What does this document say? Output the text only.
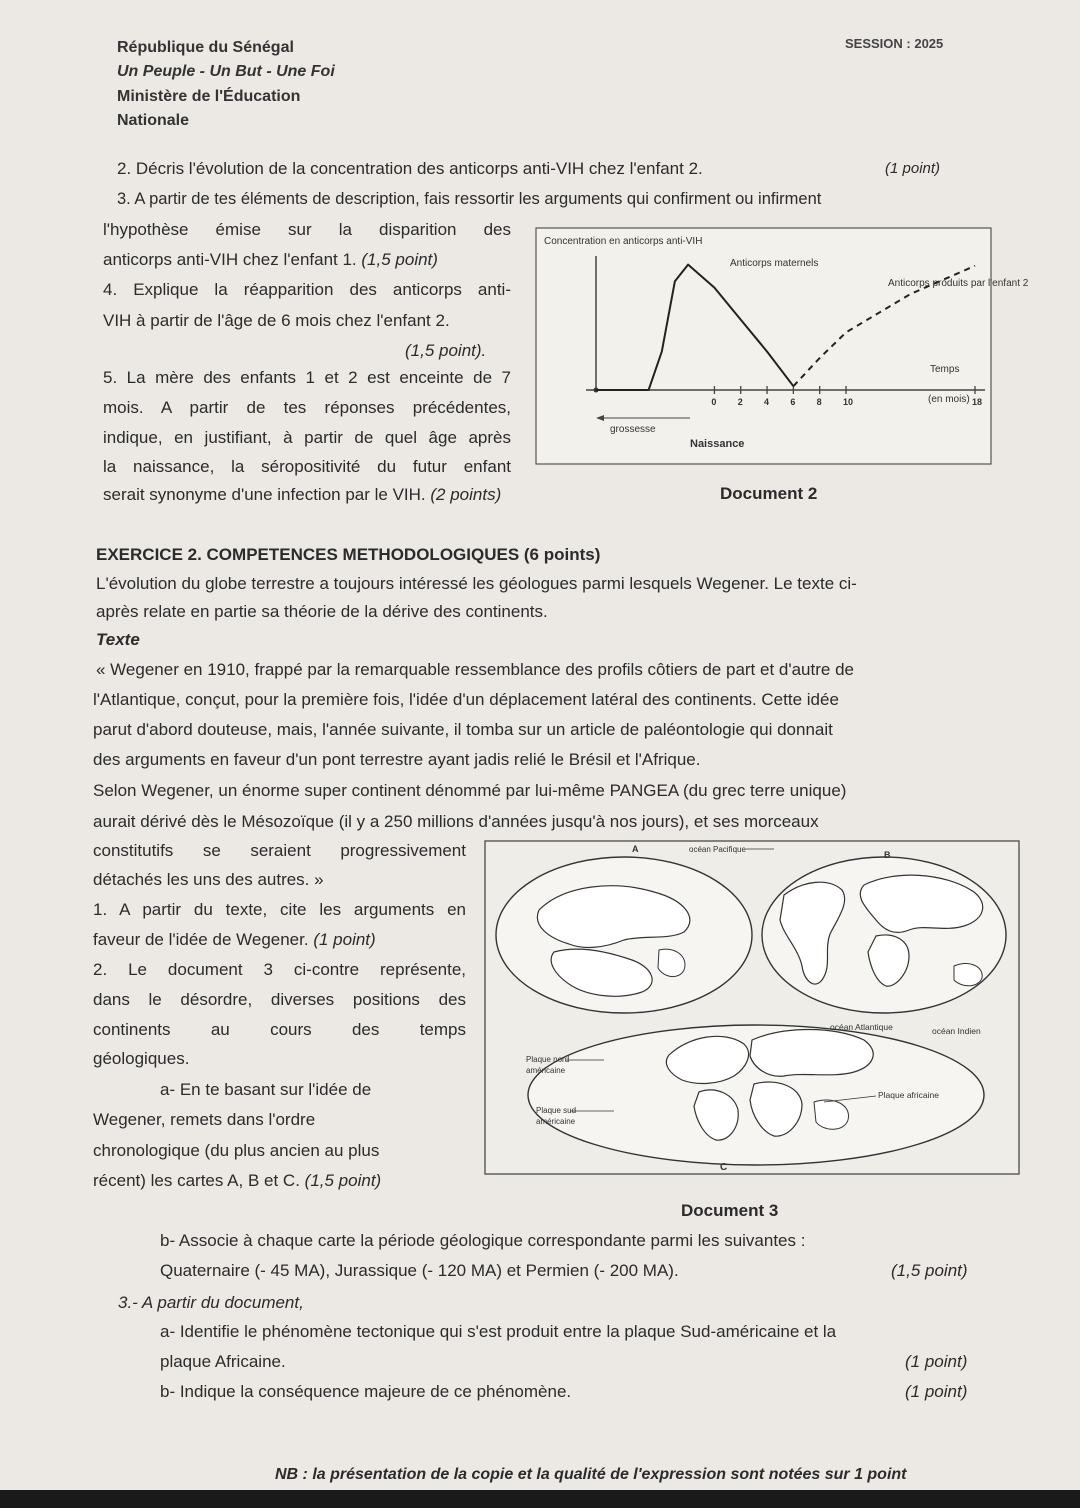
République du Sénégal
Un Peuple - Un But - Une Foi
Ministère de l'Éducation
Nationale
SESSION : 2025
2. Décris l'évolution de la concentration des anticorps anti-VIH chez l'enfant 2.	(1 point)
3. A partir de tes éléments de description, fais ressortir les arguments qui confirment ou infirment
l'hypothèse émise sur la disparition des
anticorps anti-VIH chez l'enfant 1. (1,5 point)
4. Explique la réapparition des anticorps anti-
VIH à partir de l'âge de 6 mois chez l'enfant 2.
(1,5 point).
5. La mère des enfants 1 et 2 est enceinte de 7
mois. A partir de tes réponses précédentes,
indique, en justifiant, à partir de quel âge après
la naissance, la séropositivité du futur enfant
serait synonyme d'une infection par le VIH. (2 points)
Concentration en anticorps anti-VIH
0 2 4 6 8 10	18
Anticorps maternels
Anticorps produits par l'enfant 2
Temps
(en mois)
grossesse
Naissance
Document 2
EXERCICE 2. COMPETENCES METHODOLOGIQUES (6 points)
L'évolution du globe terrestre a toujours intéressé les géologues parmi lesquels Wegener. Le texte ci-
après relate en partie sa théorie de la dérive des continents.
Texte
« Wegener en 1910, frappé par la remarquable ressemblance des profils côtiers de part et d'autre de
l'Atlantique, conçut, pour la première fois, l'idée d'un déplacement latéral des continents. Cette idée
parut d'abord douteuse, mais, l'année suivante, il tomba sur un article de paléontologie qui donnait
des arguments en faveur d'un pont terrestre ayant jadis relié le Brésil et l'Afrique.
Selon Wegener, un énorme super continent dénommé par lui-même PANGEA (du grec terre unique)
aurait dérivé dès le Mésozoïque (il y a 250 millions d'années jusqu'à nos jours), et ses morceaux
constitutifs se seraient progressivement
détachés les uns des autres. »
1. A partir du texte, cite les arguments en
faveur de l'idée de Wegener. (1 point)
2. Le document 3 ci-contre représente,
dans le désordre, diverses positions des
continents au cours des temps
géologiques.
a- En te basant sur l'idée de
Wegener, remets dans l'ordre
chronologique (du plus ancien au plus
récent) les cartes A, B et C. (1,5 point)
A
B
C
océan Pacifique
océan Atlantique	océan Indien
Plaque nord
américaine
Plaque sud
américaine
Plaque africaine
Document 3
b- Associe à chaque carte la période géologique correspondante parmi les suivantes :
Quaternaire (- 45 MA), Jurassique (- 120 MA) et Permien (- 200 MA).	(1,5 point)
3.- A partir du document,
a- Identifie le phénomène tectonique qui s'est produit entre la plaque Sud-américaine et la
plaque Africaine.	(1 point)
b- Indique la conséquence majeure de ce phénomène.	(1 point)
NB : la présentation de la copie et la qualité de l'expression sont notées sur 1 point
